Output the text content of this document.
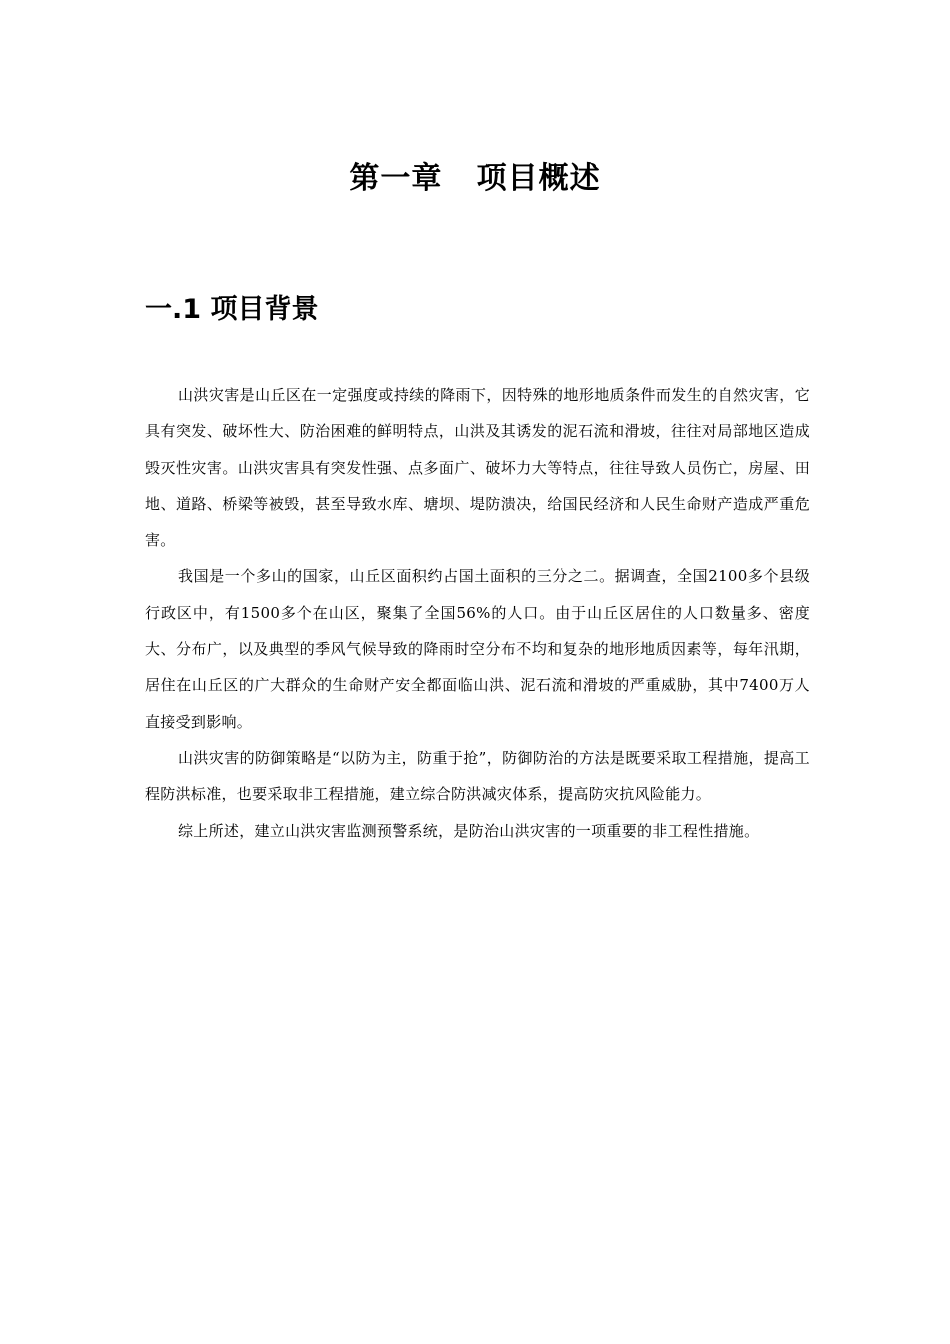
第一章   项目概述
一.1 项目背景

山洪灾害是山丘区在一定强度或持续的降雨下，因特殊的地形地质条件而发生的自然灾害，它具有突发、破坏性大、防治困难的鲜明特点，山洪及其诱发的泥石流和滑坡，往往对局部地区造成毁灭性灾害。山洪灾害具有突发性强、点多面广、破坏力大等特点，往往导致人员伤亡，房屋、田地、道路、桥梁等被毁，甚至导致水库、塘坝、堤防溃决，给国民经济和人民生命财产造成严重危害。

我国是一个多山的国家，山丘区面积约占国土面积的三分之二。据调查，全国2100多个县级行政区中，有1500多个在山区，聚集了全国56%的人口。由于山丘区居住的人口数量多、密度大、分布广，以及典型的季风气候导致的降雨时空分布不均和复杂的地形地质因素等，每年汛期，居住在山丘区的广大群众的生命财产安全都面临山洪、泥石流和滑坡的严重威胁，其中7400万人直接受到影响。

山洪灾害的防御策略是“以防为主，防重于抢”，防御防治的方法是既要采取工程措施，提高工程防洪标准，也要采取非工程措施，建立综合防洪减灾体系，提高防灾抗风险能力。

综上所述，建立山洪灾害监测预警系统，是防治山洪灾害的一项重要的非工程性措施。
